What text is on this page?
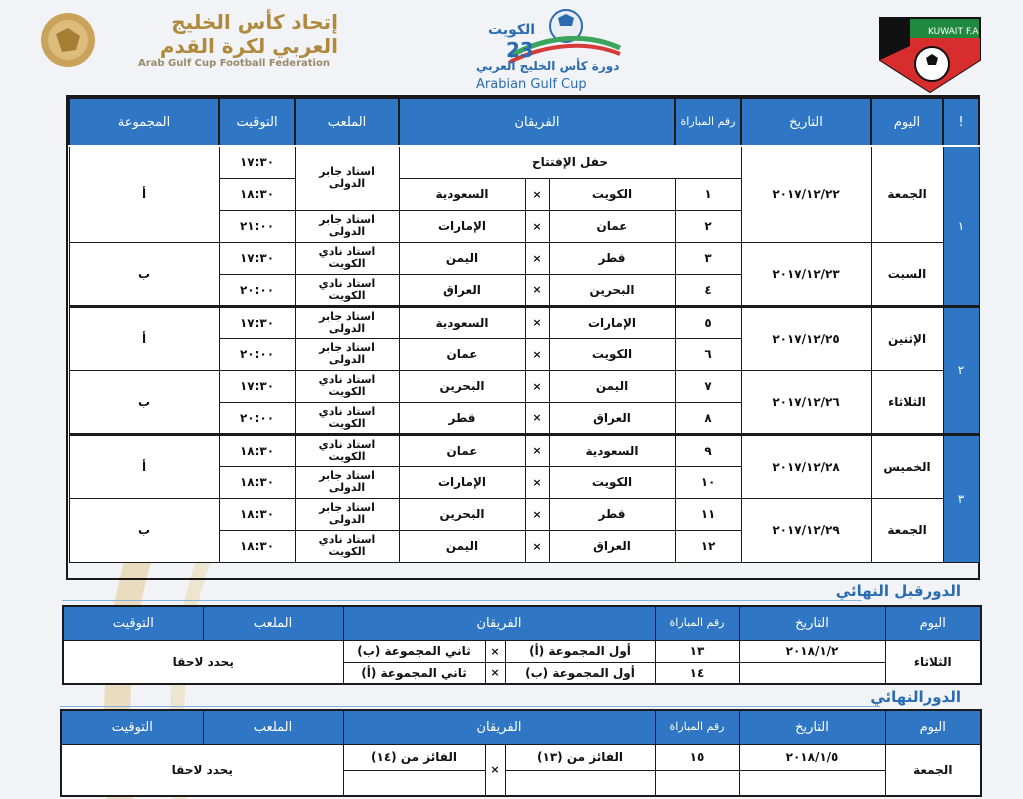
إتحاد كأس الخليج
العربي لكرة القدم
Arab Gulf Cup Football Federation
الكويت
23
دورة كأس الخليج العربي
Arabian Gulf Cup
KUWAIT F.A
!	اليوم	التاريخ	رقم المباراة	الفريقان			الملعب	التوقيت	المجموعة
١	الجمعة	٢٠١٧/١٢/٢٢	حفل الإفتتاح				استاد جابر الدولى	١٧:٣٠	أ
			١	الكويت	×	السعودية		١٨:٣٠	
			٢	عمان	×	الإمارات	استاد جابر الدولى	٢١:٠٠	
	السبت	٢٠١٧/١٢/٢٣	٣	قطر	×	اليمن	استاد نادي الكويت	١٧:٣٠	ب
			٤	البحرين	×	العراق	استاد نادي الكويت	٢٠:٠٠	
٢	الإثنين	٢٠١٧/١٢/٢٥	٥	الإمارات	×	السعودية	استاد جابر الدولى	١٧:٣٠	أ
			٦	الكويت	×	عمان	استاد جابر الدولى	٢٠:٠٠	
	الثلاثاء	٢٠١٧/١٢/٢٦	٧	اليمن	×	البحرين	استاد نادي الكويت	١٧:٣٠	ب
			٨	العراق	×	قطر	استاد نادي الكويت	٢٠:٠٠	
٣	الخميس	٢٠١٧/١٢/٢٨	٩	السعودية	×	عمان	استاد نادي الكويت	١٨:٣٠	أ
			١٠	الكويت	×	الإمارات	استاد جابر الدولى	١٨:٣٠	
	الجمعة	٢٠١٧/١٢/٢٩	١١	قطر	×	البحرين	استاد جابر الدولى	١٨:٣٠	ب
			١٢	العراق	×	اليمن	استاد نادي الكويت	١٨:٣٠	
الدورقبل النهائي
اليوم	التاريخ	رقم المباراة	الفريقان			الملعب	التوقيت
الثلاثاء	٢٠١٨/١/٢	١٣	أول المجموعة (أ)	×	ثاني المجموعة (ب)	يحدد لاحقا	
		١٤	أول المجموعة (ب)	×	ثاني المجموعة (أ)		
الدورالنهائي
اليوم	التاريخ	رقم المباراة	الفريقان			الملعب	التوقيت
الجمعة	٢٠١٨/١/٥	١٥	الفائز من (١٣)	×	الفائز من (١٤)	يحدد لاحقا	
